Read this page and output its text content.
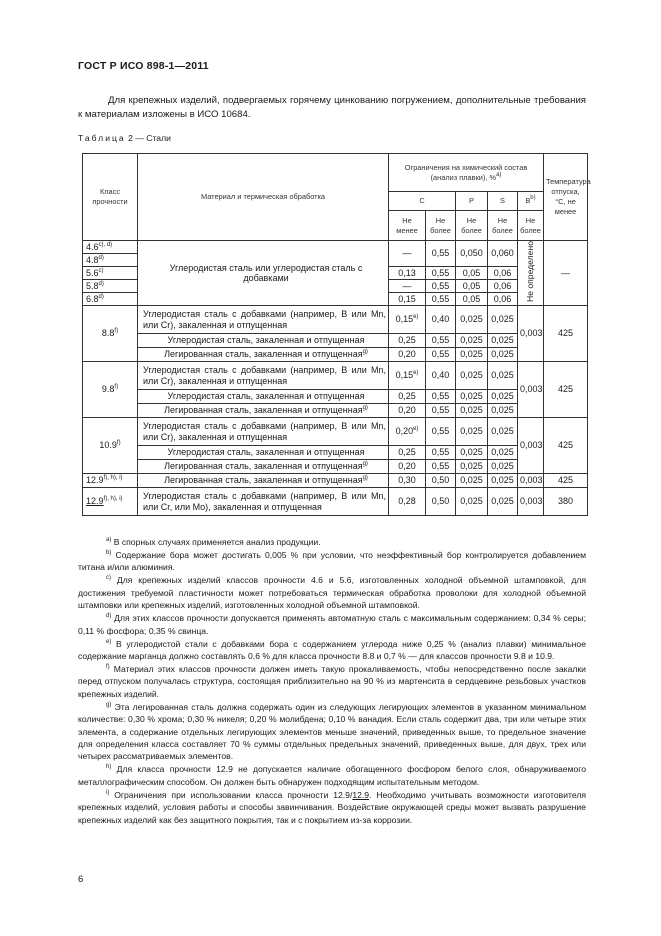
ГОСТ Р ИСО 898-1—2011
Для крепежных изделий, подвергаемых горячему цинкованию погружением, дополнительные требования к материалам изложены в ИСО 10684.
Таблица 2 — Стали
Класс прочности	Материал и термическая обработка	Ограничения на химический состав (анализ плавки), %$^{a)}$					Температура отпуска, °С, не менее
		C		P	S	$B^{b)}$
		Не менее	Не более	Не более	Не более	Не более	
$4.6^{c), d)}$	Углеродистая сталь или углеродистая сталь с добавками	—	0,55	0,050	0,060	Не определено	—
4.8$^{d)}$
5.6$^{c)}$		0,13	0,55	0,05	0,06		
5.8$^{d)}$		—	0,55	0,05	0,06		
6.8$^{d)}$		0,15	0,55	0,05	0,06		
8.8$^{f)}$	Углеродистая сталь с добавками (например, В или Mn, или Cr), закаленная и отпущенная	0,15$^{e)}$	0,40	0,025	0,025	0,003	425
	Углеродистая сталь, закаленная и отпущенная	0,25	0,55	0,025	0,025		
	Легированная сталь, закаленная и отпущенная$^{g)}$	0,20	0,55	0,025	0,025		
9.8$^{f)}$	Углеродистая сталь с добавками (например, В или Mn, или Cr), закаленная и отпущенная	0,15$^{e)}$	0,40	0,025	0,025	0,003	425
	Углеродистая сталь, закаленная и отпущенная	0,25	0,55	0,025	0,025		
	Легированная сталь, закаленная и отпущенная$^{g)}$	0,20	0,55	0,025	0,025		
10.9$^{f)}$	Углеродистая сталь с добавками (например, В или Mn, или Cr), закаленная и отпущенная	0,20$^{e)}$	0,55	0,025	0,025	0,003	425
	Углеродистая сталь, закаленная и отпущенная	0,25	0,55	0,025	0,025		
	Легированная сталь, закаленная и отпущенная$^{g)}$	0,20	0,55	0,025	0,025		
$12.9^{f), h), i)}$	Легированная сталь, закаленная и отпущенная$^{g)}$	0,30	0,50	0,025	0,025	0,003	425
$12.9^{f), h), i)}$	Углеродистая сталь с добавками (например, В или Mn, или Cr, или Mo), закаленная и отпущенная	0,28	0,50	0,025	0,025	0,003	380

$^{a)}$ В спорных случаях применяется анализ продукции.

$^{b)}$ Содержание бора может достигать 0,005 % при условии, что неэффективный бор контролируется добавлением титана и/или алюминия.

$^{c)}$ Для крепежных изделий классов прочности 4.6 и 5.6, изготовленных холодной объемной штамповкой, для достижения требуемой пластичности может потребоваться термическая обработка проволоки для холодной объемной штамповки или крепежных изделий, изготовленных холодной объемной штамповкой.

$^{d)}$ Для этих классов прочности допускается применять автоматную сталь с максимальным содержанием: 0,34 % серы; 0,11 % фосфора; 0,35 % свинца.

$^{e)}$ В углеродистой стали с добавками бора с содержанием углерода ниже 0,25 % (анализ плавки) минимальное содержание марганца должно составлять 0,6 % для класса прочности 8.8 и 0,7 % — для классов прочности 9.8 и 10.9.

$^{f)}$ Материал этих классов прочности должен иметь такую прокаливаемость, чтобы непосредственно после закалки перед отпуском получалась структура, состоящая приблизительно на 90 % из мартенсита в сердцевине резьбовых участков крепежных изделий.

$^{g)}$ Эта легированная сталь должна содержать один из следующих легирующих элементов в указанном минимальном количестве: 0,30 % хрома; 0,30 % никеля; 0,20 % молибдена; 0,10 % ванадия. Если сталь содержит два, три или четыре этих элемента, а содержание отдельных легирующих элементов меньше значений, приведенных выше, то предельное значение для определения класса составляет 70 % суммы отдельных предельных значений, приведенных выше, для двух, трех или четырех рассматриваемых элементов.

$^{h)}$ Для класса прочности 12.9 не допускается наличие обогащенного фосфором белого слоя, обнаруживаемого металлографическим способом. Он должен быть обнаружен подходящим испытательным методом.

$^{i)}$ Ограничения при использовании класса прочности 12.9/12.9. Необходимо учитывать возможности изготовителя крепежных изделий, условия работы и способы завинчивания. Воздействие окружающей среды может вызвать разрушение крепежных изделий как без защитного покрытия, так и с покрытием из-за коррозии.

6
